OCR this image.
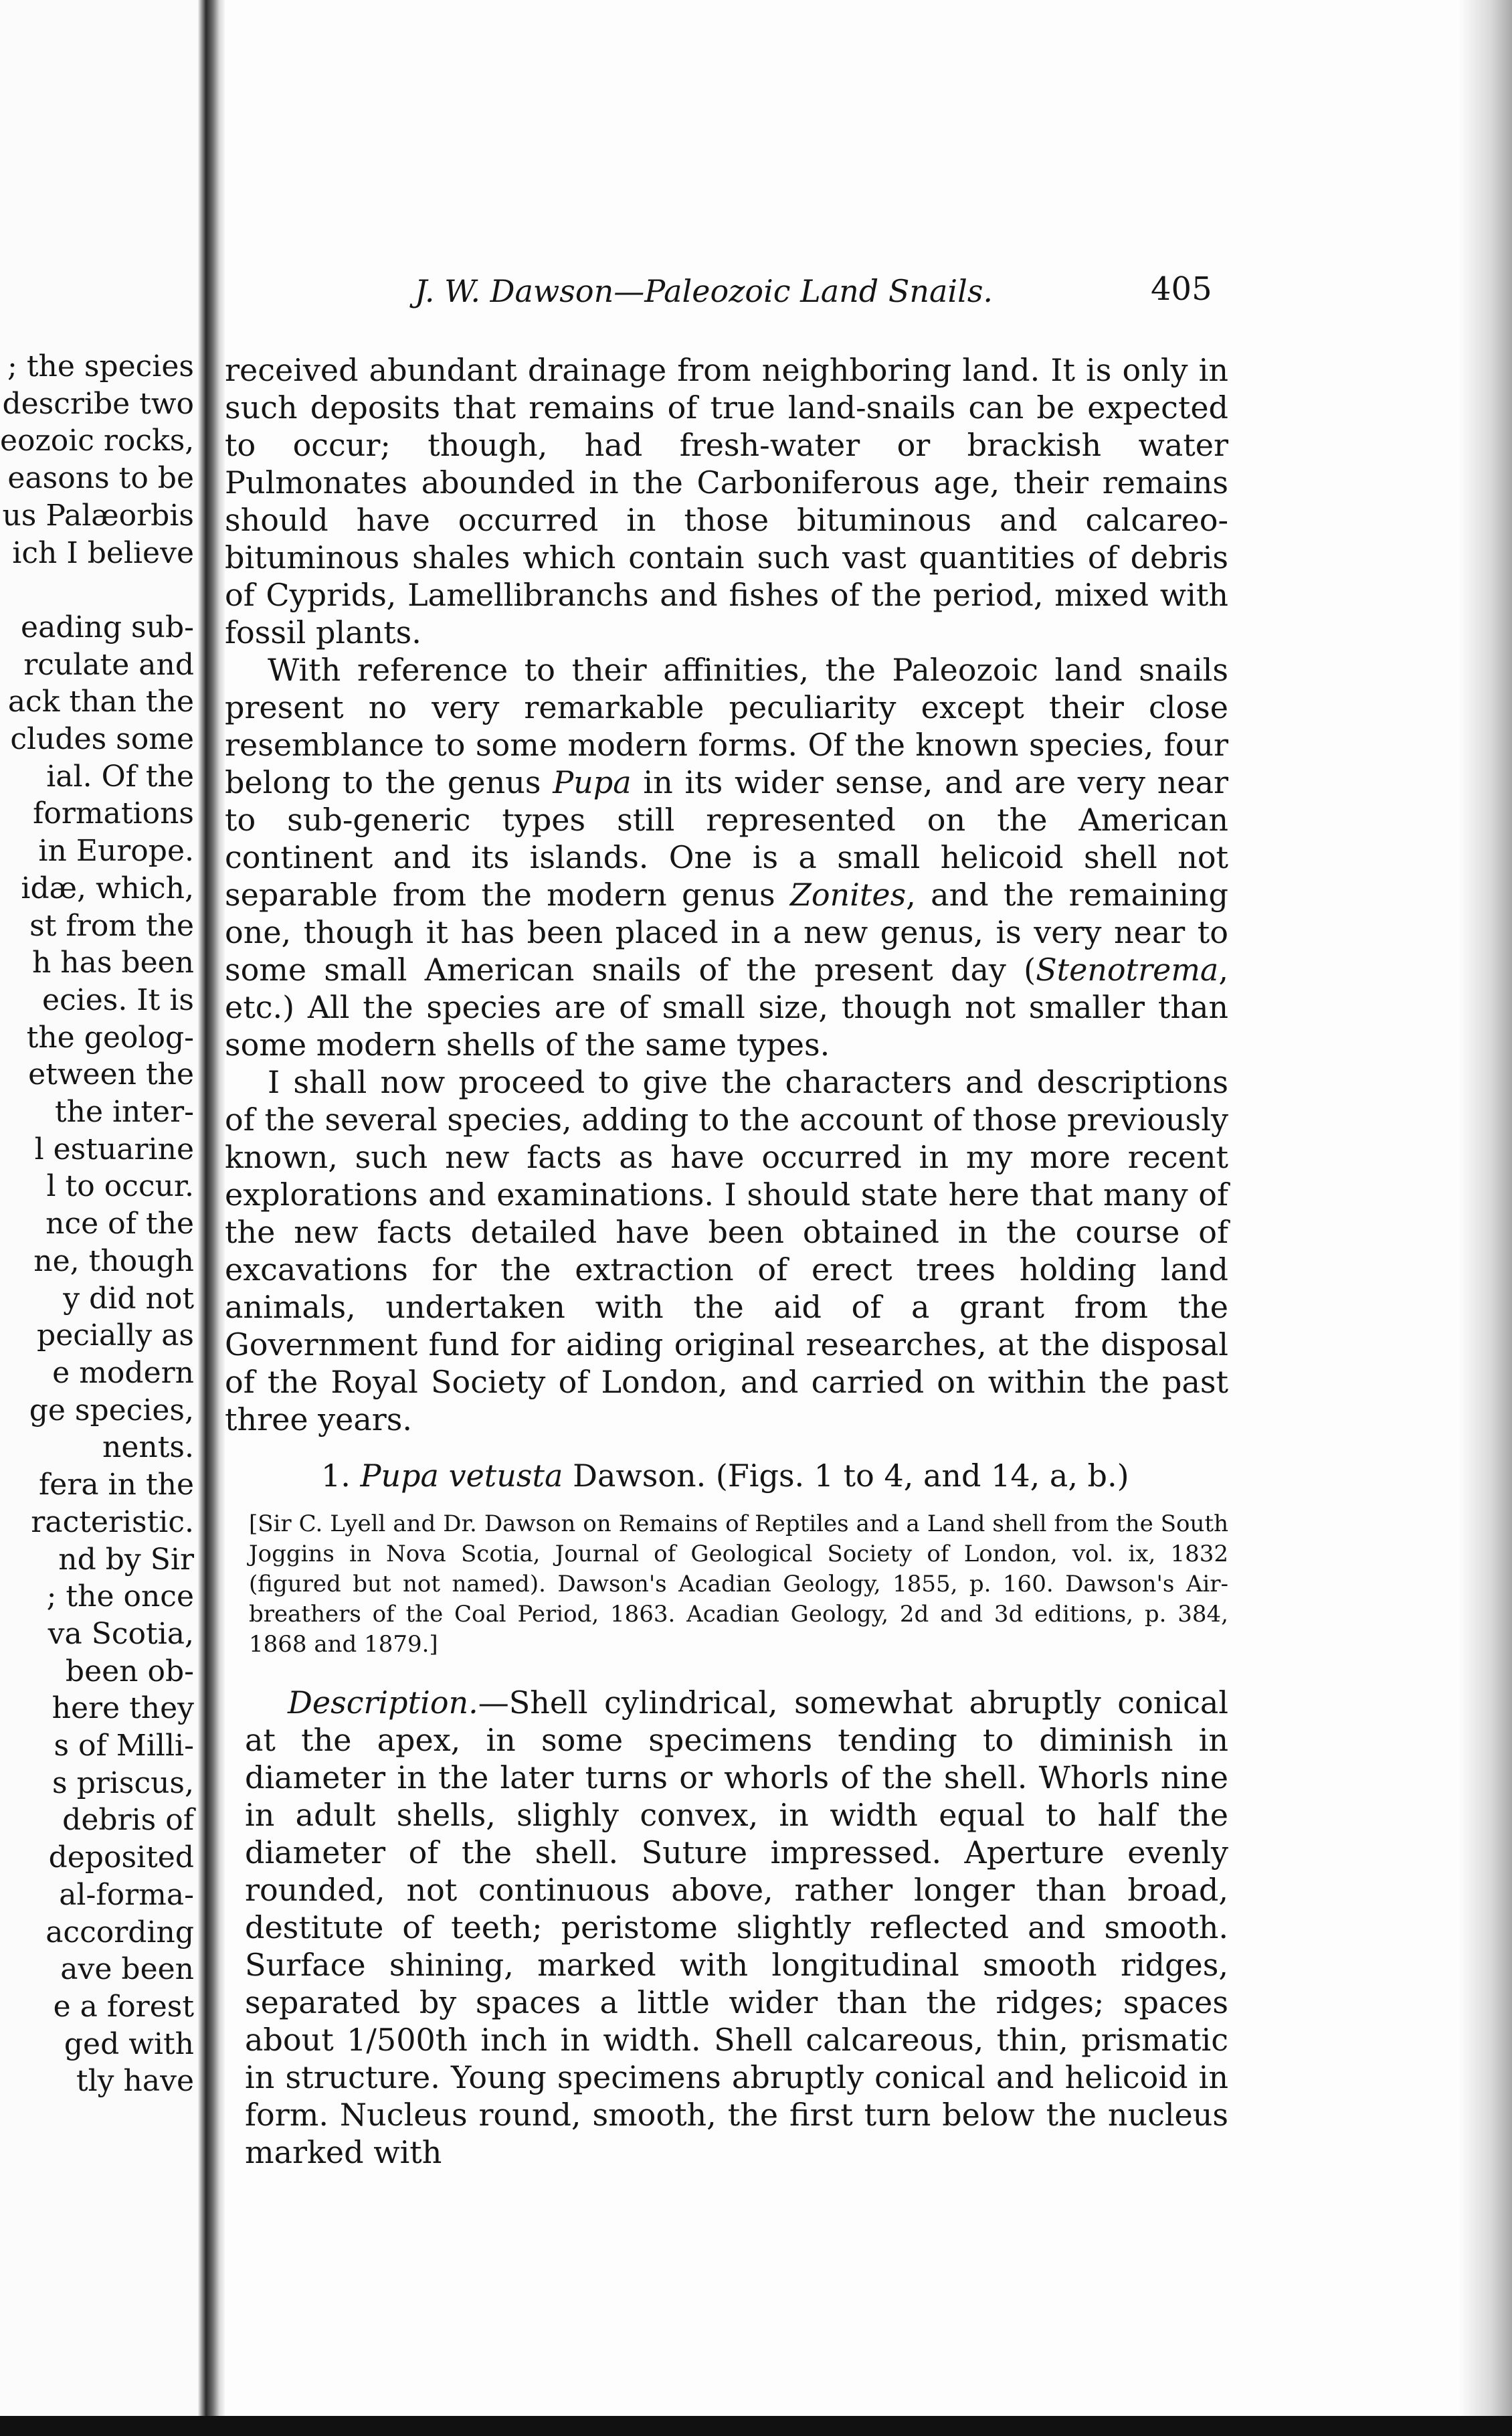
; the species
describe two
eozoic rocks,
easons to be
us Palæorbis
ich I believe

eading sub-
rculate and
ack than the
cludes some
ial. Of the
formations
in Europe.
idæ, which,
st from the
h has been
ecies. It is
the geolog-
etween the
the inter-
l estuarine
l to occur.
nce of the
ne, though
y did not
pecially as
e modern
ge species,
nents.
fera in the
racteristic.
nd by Sir
; the once
va Scotia,
been ob-
here they
s of Milli-
s priscus,
debris of
deposited
al-forma-
according
ave been
e a forest
ged with
tly have
J. W. Dawson—Paleozoic Land Snails.	405

received abundant drainage from neighboring land. It is only in such deposits that remains of true land-snails can be expected to occur; though, had fresh-water or brackish water Pulmonates abounded in the Carboniferous age, their remains should have occurred in those bituminous and calcareo-bituminous shales which contain such vast quantities of debris of Cyprids, Lamellibranchs and fishes of the period, mixed with fossil plants.

With reference to their affinities, the Paleozoic land snails present no very remarkable peculiarity except their close resemblance to some modern forms. Of the known species, four belong to the genus Pupa in its wider sense, and are very near to sub-generic types still represented on the American continent and its islands. One is a small helicoid shell not separable from the modern genus Zonites, and the remaining one, though it has been placed in a new genus, is very near to some small American snails of the present day (Stenotrema, etc.) All the species are of small size, though not smaller than some modern shells of the same types.

I shall now proceed to give the characters and descriptions of the several species, adding to the account of those previously known, such new facts as have occurred in my more recent explorations and examinations. I should state here that many of the new facts detailed have been obtained in the course of excavations for the extraction of erect trees holding land animals, undertaken with the aid of a grant from the Government fund for aiding original researches, at the disposal of the Royal Society of London, and carried on within the past three years.

1. Pupa vetusta Dawson. (Figs. 1 to 4, and 14, a, b.)

[Sir C. Lyell and Dr. Dawson on Remains of Reptiles and a Land shell from the South Joggins in Nova Scotia, Journal of Geological Society of London, vol. ix, 1832 (figured but not named). Dawson's Acadian Geology, 1855, p. 160. Dawson's Air-breathers of the Coal Period, 1863. Acadian Geology, 2d and 3d editions, p. 384, 1868 and 1879.]

Description.—Shell cylindrical, somewhat abruptly conical at the apex, in some specimens tending to diminish in diameter in the later turns or whorls of the shell. Whorls nine in adult shells, slighly convex, in width equal to half the diameter of the shell. Suture impressed. Aperture evenly rounded, not continuous above, rather longer than broad, destitute of teeth; peristome slightly reflected and smooth. Surface shining, marked with longitudinal smooth ridges, separated by spaces a little wider than the ridges; spaces about 1/500th inch in width. Shell calcareous, thin, prismatic in structure. Young specimens abruptly conical and helicoid in form. Nucleus round, smooth, the first turn below the nucleus marked with
